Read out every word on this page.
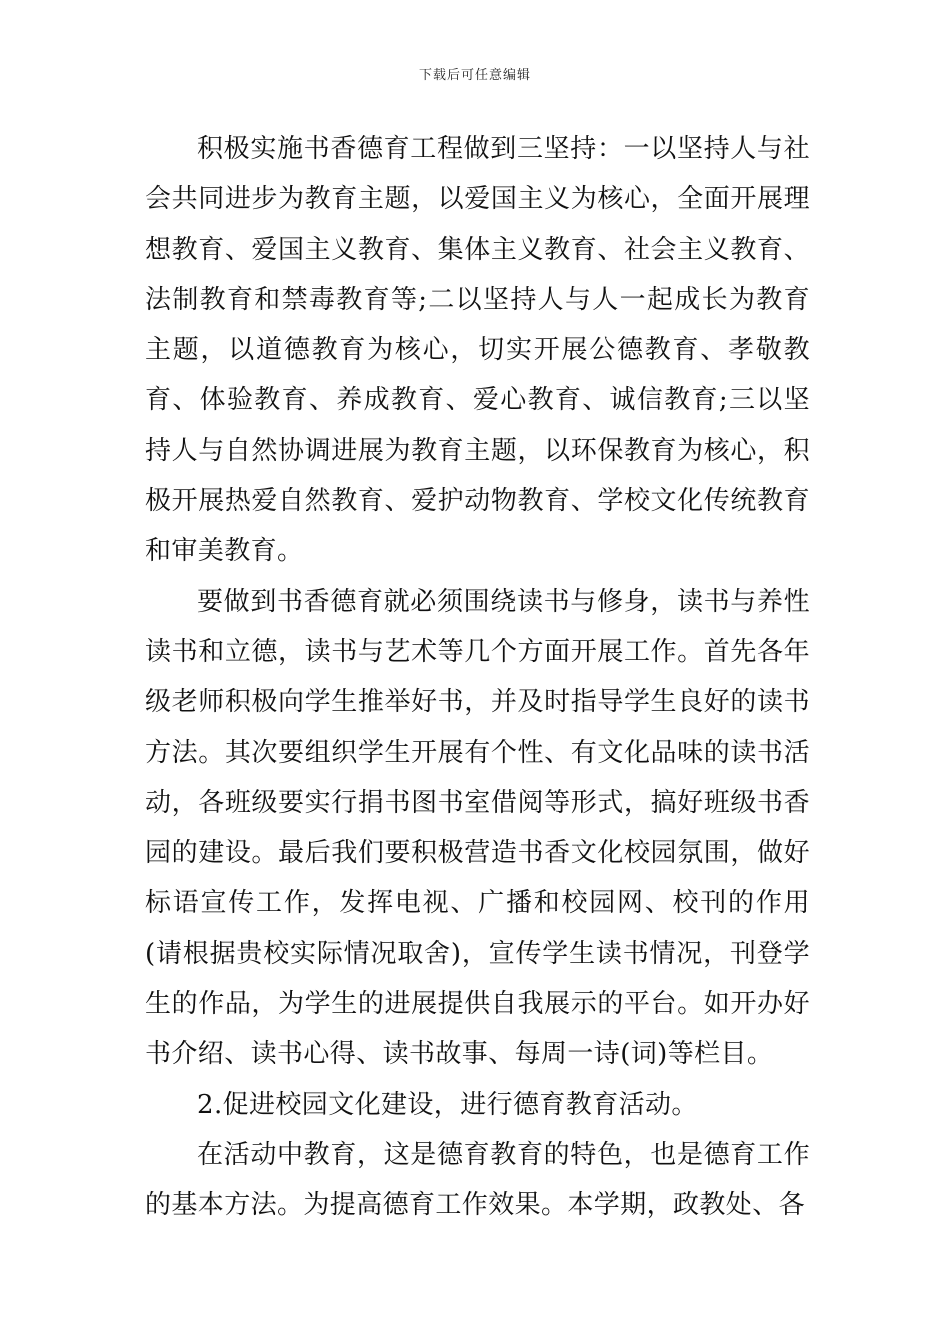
下载后可任意编辑

积极实施书香德育工程做到三坚持：一以坚持人与社会共同进步为教育主题，以爱国主义为核心，全面开展理想教育、爱国主义教育、集体主义教育、社会主义教育、法制教育和禁毒教育等;二以坚持人与人一起成长为教育主题，以道德教育为核心，切实开展公德教育、孝敬教育、体验教育、养成教育、爱心教育、诚信教育;三以坚持人与自然协调进展为教育主题，以环保教育为核心，积极开展热爱自然教育、爱护动物教育、学校文化传统教育和审美教育。

要做到书香德育就必须围绕读书与修身，读书与养性读书和立德，读书与艺术等几个方面开展工作。首先各年级老师积极向学生推举好书，并及时指导学生良好的读书方法。其次要组织学生开展有个性、有文化品味的读书活动，各班级要实行捐书图书室借阅等形式，搞好班级书香园的建设。最后我们要积极营造书香文化校园氛围，做好标语宣传工作，发挥电视、广播和校园网、校刊的作用(请根据贵校实际情况取舍)，宣传学生读书情况，刊登学生的作品，为学生的进展提供自我展示的平台。如开办好书介绍、读书心得、读书故事、每周一诗(词)等栏目。

2.促进校园文化建设，进行德育教育活动。

在活动中教育，这是德育教育的特色，也是德育工作的基本方法。为提高德育工作效果。本学期，政教处、各
